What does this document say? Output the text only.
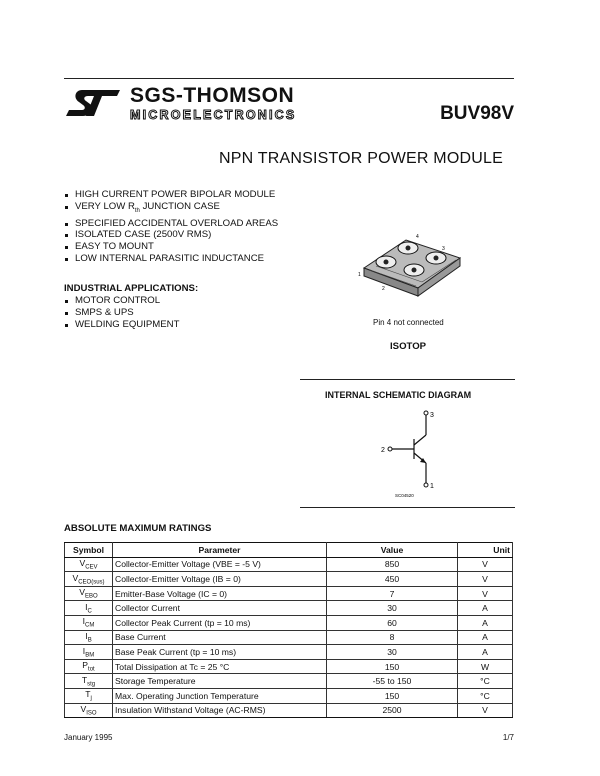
SGS-THOMSON
MICROELECTRONICS	BUV98V
NPN TRANSISTOR POWER MODULE
HIGH CURRENT POWER BIPOLAR MODULE
VERY LOW $R_{th}$ JUNCTION CASE
SPECIFIED ACCIDENTAL OVERLOAD AREAS
ISOLATED CASE (2500V RMS)
EASY TO MOUNT
LOW INTERNAL PARASITIC INDUCTANCE
INDUSTRIAL APPLICATIONS:
MOTOR CONTROL
SMPS & UPS
WELDING EQUIPMENT
1
2
3
4
Pin 4 not connected
ISOTOP
INTERNAL SCHEMATIC DIAGRAM
3
2
1
SC04520
ABSOLUTE MAXIMUM RATINGS
Symbol	Parameter	Value	Unit
$V_{CEV}$	Collector-Emitter Voltage (VBE = -5 V)	850	V
$V_{CEO(sus)}$	Collector-Emitter Voltage (IB = 0)	450	V
$V_{EBO}$	Emitter-Base Voltage (IC = 0)	7	V
$I_C$	Collector Current	30	A
$I_{CM}$	Collector Peak Current (tp = 10 ms)	60	A
$I_B$	Base Current	8	A
$I_{BM}$	Base Peak Current (tp = 10 ms)	30	A
$P_{tot}$	Total Dissipation at Tc = 25 °C	150	W
$T_{stg}$	Storage Temperature	-55 to 150	°C
$T_j$	Max. Operating Junction Temperature	150	°C
$V_{ISO}$	Insulation Withstand Voltage (AC-RMS)	2500	V
January 1995	1/7
